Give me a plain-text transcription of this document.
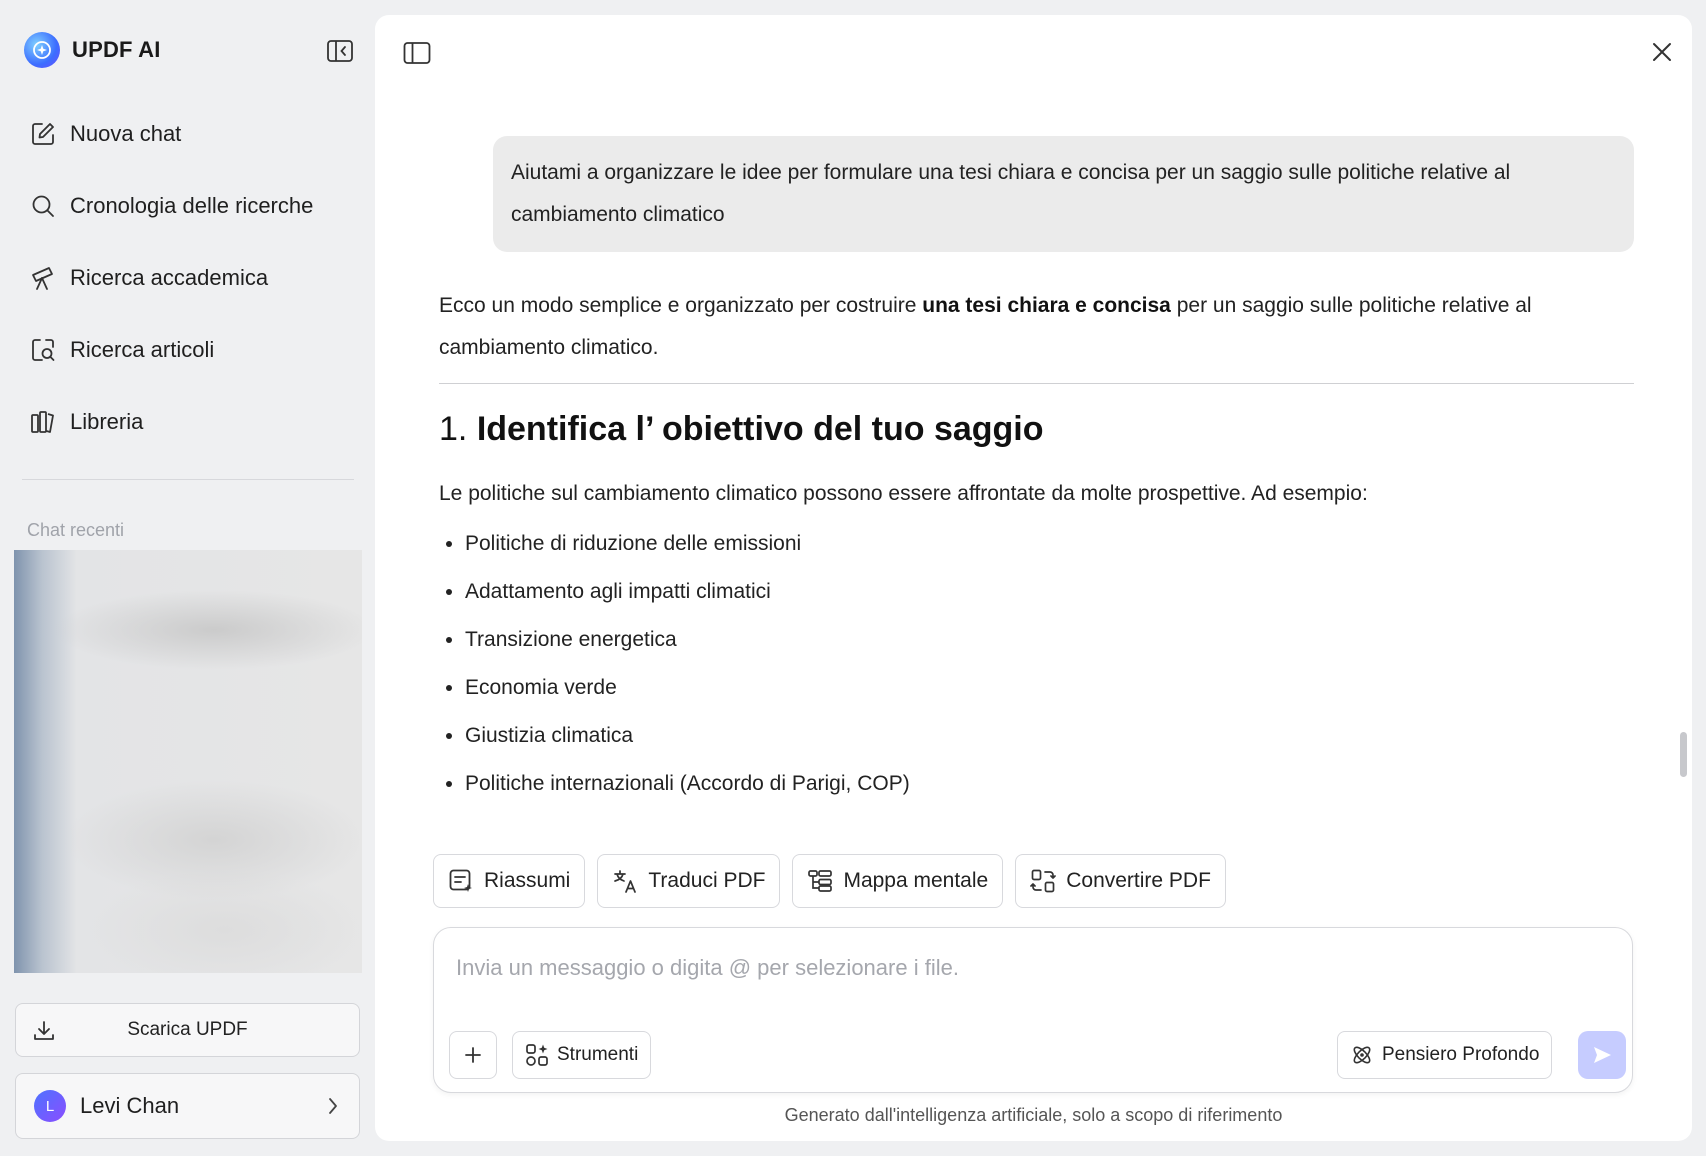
UPDF AI
Nuova chat
Cronologia delle ricerche
Ricerca accademica
Ricerca articoli
Libreria
Chat recenti
Scarica UPDF
L	Levi Chan
Aiutami a organizzare le idee per formulare una tesi chiara e concisa per un saggio sulle politiche relative al cambiamento climatico

Ecco un modo semplice e organizzato per costruire una tesi chiara e concisa per un saggio sulle politiche relative al cambiamento climatico.

1. Identifica l’ obiettivo del tuo saggio

Le politiche sul cambiamento climatico possono essere affrontate da molte prospettive. Ad esempio:

Politiche di riduzione delle emissioni
Adattamento agli impatti climatici
Transizione energetica
Economia verde
Giustizia climatica
Politiche internazionali (Accordo di Parigi, COP)
Riassumi	Traduci PDF	Mappa mentale	Convertire PDF
Invia un messaggio o digita @ per selezionare i file.
Strumenti	Pensiero Profondo
Generato dall'intelligenza artificiale, solo a scopo di riferimento
